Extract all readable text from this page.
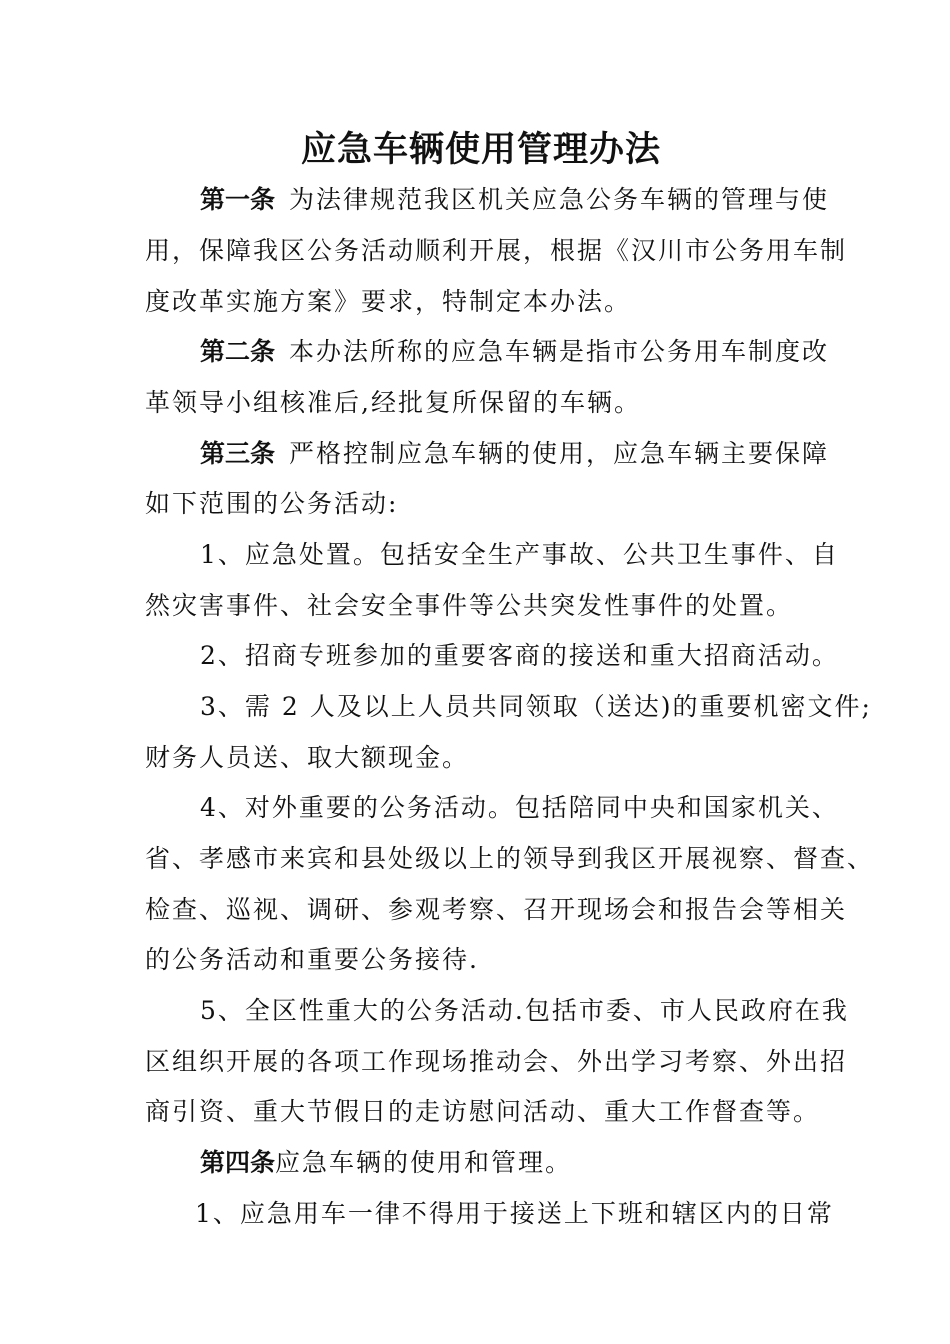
应急车辆使用管理办法
第一条 为法律规范我区机关应急公务车辆的管理与使
用，保障我区公务活动顺利开展，根据《汉川市公务用车制
度改革实施方案》要求，特制定本办法。
第二条 本办法所称的应急车辆是指市公务用车制度改
革领导小组核准后,经批复所保留的车辆。
第三条 严格控制应急车辆的使用，应急车辆主要保障
如下范围的公务活动:
1、应急处置。包括安全生产事故、公共卫生事件、自
然灾害事件、社会安全事件等公共突发性事件的处置。
2、招商专班参加的重要客商的接送和重大招商活动。
3、需 2 人及以上人员共同领取（送达)的重要机密文件;
财务人员送、取大额现金。
4、对外重要的公务活动。包括陪同中央和国家机关、
省、孝感市来宾和县处级以上的领导到我区开展视察、督查、
检查、巡视、调研、参观考察、召开现场会和报告会等相关
的公务活动和重要公务接待.
5、全区性重大的公务活动.包括市委、市人民政府在我
区组织开展的各项工作现场推动会、外出学习考察、外出招
商引资、重大节假日的走访慰问活动、重大工作督查等。
第四条应急车辆的使用和管理。
1、应急用车一律不得用于接送上下班和辖区内的日常
